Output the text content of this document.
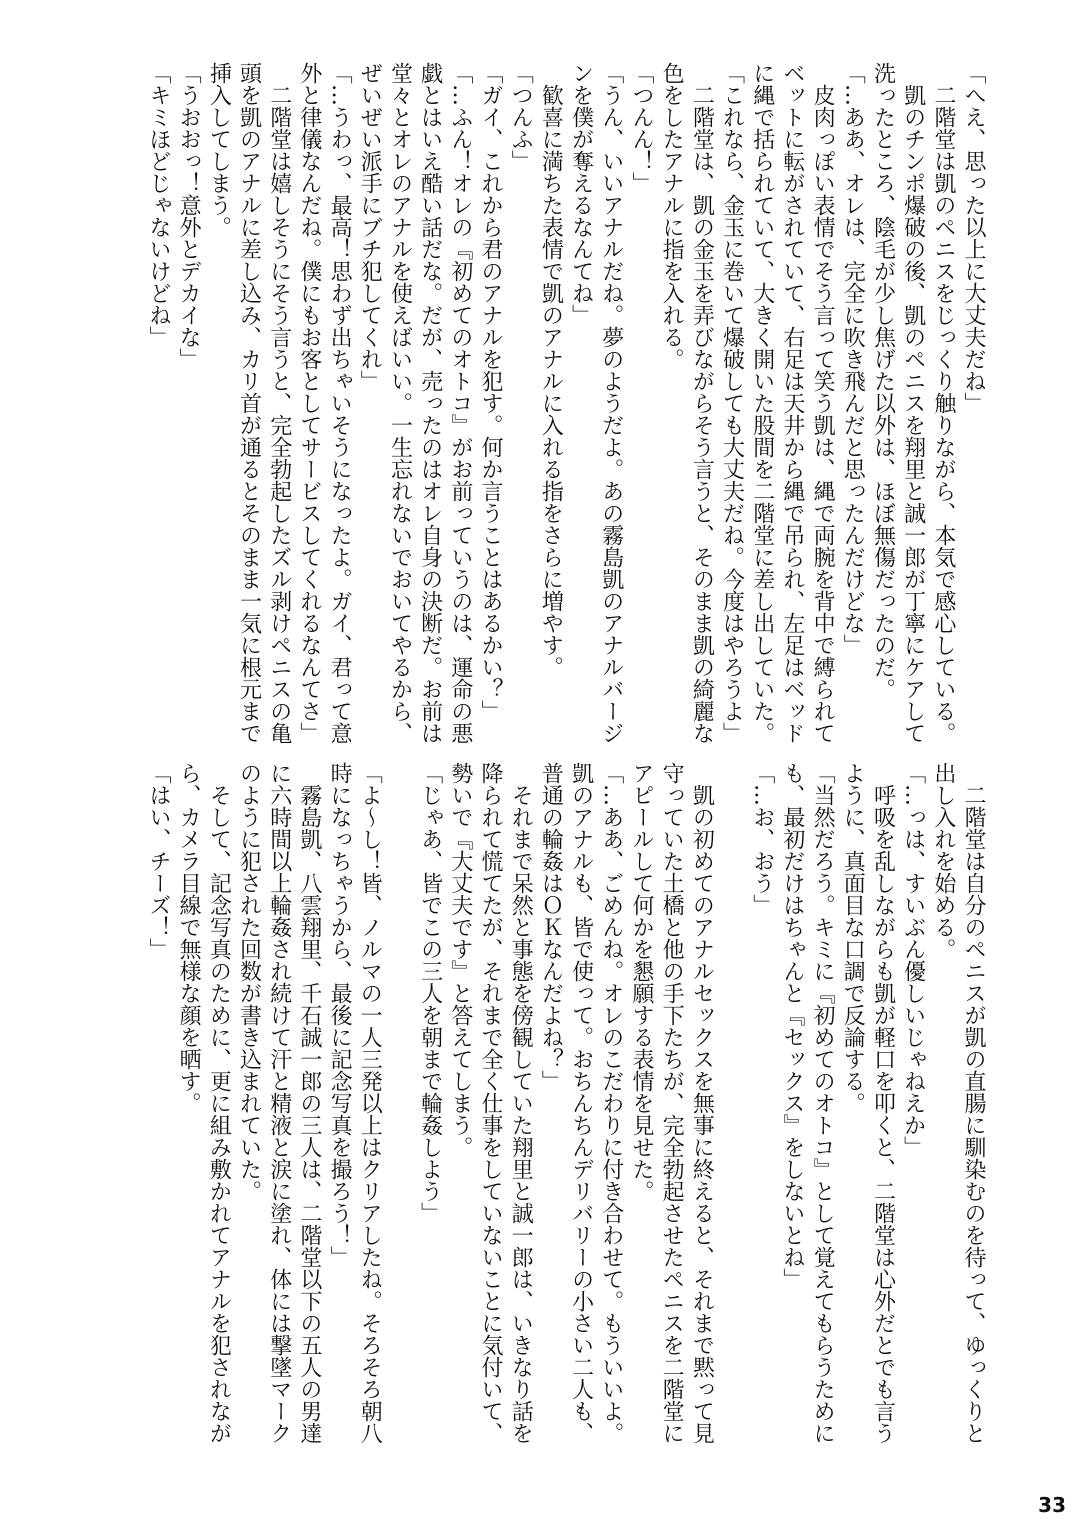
「へえ、思った以上に大丈夫だね」
　二階堂は凱のペニスをじっくり触りながら、本気で感心している。
　凱のチンポ爆破の後、凱のペニスを翔里と誠一郎が丁寧にケアして
洗ったところ、陰毛が少し焦げた以外は、ほぼ無傷だったのだ。
「…ああ、オレは、完全に吹き飛んだと思ったんだけどな」
　皮肉っぽい表情でそう言って笑う凱は、縄で両腕を背中で縛られて
ベットに転がされていて、右足は天井から縄で吊られ、左足はベッド
に縄で括られていて、大きく開いた股間を二階堂に差し出していた。
「これなら、金玉に巻いて爆破しても大丈夫だね。今度はやろうよ」
　二階堂は、凱の金玉を弄びながらそう言うと、そのまま凱の綺麗な
色をしたアナルに指を入れる。
「つんん！」
「うん、いいアナルだね。夢のようだよ。あの霧島凱のアナルバージ
ンを僕が奪えるなんてね」
　歓喜に満ちた表情で凱のアナルに入れる指をさらに増やす。
「つんふ」
「ガイ、これから君のアナルを犯す。何か言うことはあるかい？」
「…ふん！オレの『初めてのオトコ』がお前っていうのは、運命の悪
戯とはいえ酷い話だな。だが、売ったのはオレ自身の決断だ。お前は
堂々とオレのアナルを使えばいい。一生忘れないでおいてやるから、
ぜいぜい派手にブチ犯してくれ」
「…うわっ、最高！思わず出ちゃいそうになったよ。ガイ、君って意
外と律儀なんだね。僕にもお客としてサービスしてくれるなんてさ」
　二階堂は嬉しそうにそう言うと、完全勃起したズル剥けペニスの亀
頭を凱のアナルに差し込み、カリ首が通るとそのまま一気に根元まで
挿入してしまう。
「うおおっ！意外とデカイな」
「キミほどじゃないけどね」
　二階堂は自分のペニスが凱の直腸に馴染むのを待って、ゆっくりと
出し入れを始める。
「…っは、すいぶん優しいじゃねえか」
　呼吸を乱しながらも凱が軽口を叩くと、二階堂は心外だとでも言う
ように、真面目な口調で反論する。
「当然だろう。キミに『初めてのオトコ』として覚えてもらうために
も、最初だけはちゃんと『セックス』をしないとね」
「…お、おう」
　凱の初めてのアナルセックスを無事に終えると、それまで黙って見
守っていた土橋と他の手下たちが、完全勃起させたペニスを二階堂に
アピールして何かを懇願する表情を見せた。
「…ああ、ごめんね。オレのこだわりに付き合わせて。もういいよ。
凱のアナルも、皆で使って。おちんちんデリバリーの小さい二人も、
普通の輪姦はＯＫなんだよね？」
　それまで呆然と事態を傍観していた翔里と誠一郎は、いきなり話を
降られて慌てたが、それまで全く仕事をしていないことに気付いて、
勢いで『大丈夫です』と答えてしまう。
「じゃあ、皆でこの三人を朝まで輪姦しよう」
「よ～し！皆、ノルマの一人三発以上はクリアしたね。そろそろ朝八
時になっちゃうから、最後に記念写真を撮ろう！」
　霧島凱、八雲翔里、千石誠一郎の三人は、二階堂以下の五人の男達
に六時間以上輪姦され続けて汗と精液と涙に塗れ、体には撃墜マーク
のように犯された回数が書き込まれていた。
　そして、記念写真のために、更に組み敷かれてアナルを犯されなが
ら、カメラ目線で無様な顔を晒す。
「はい、チーズ！」
33
